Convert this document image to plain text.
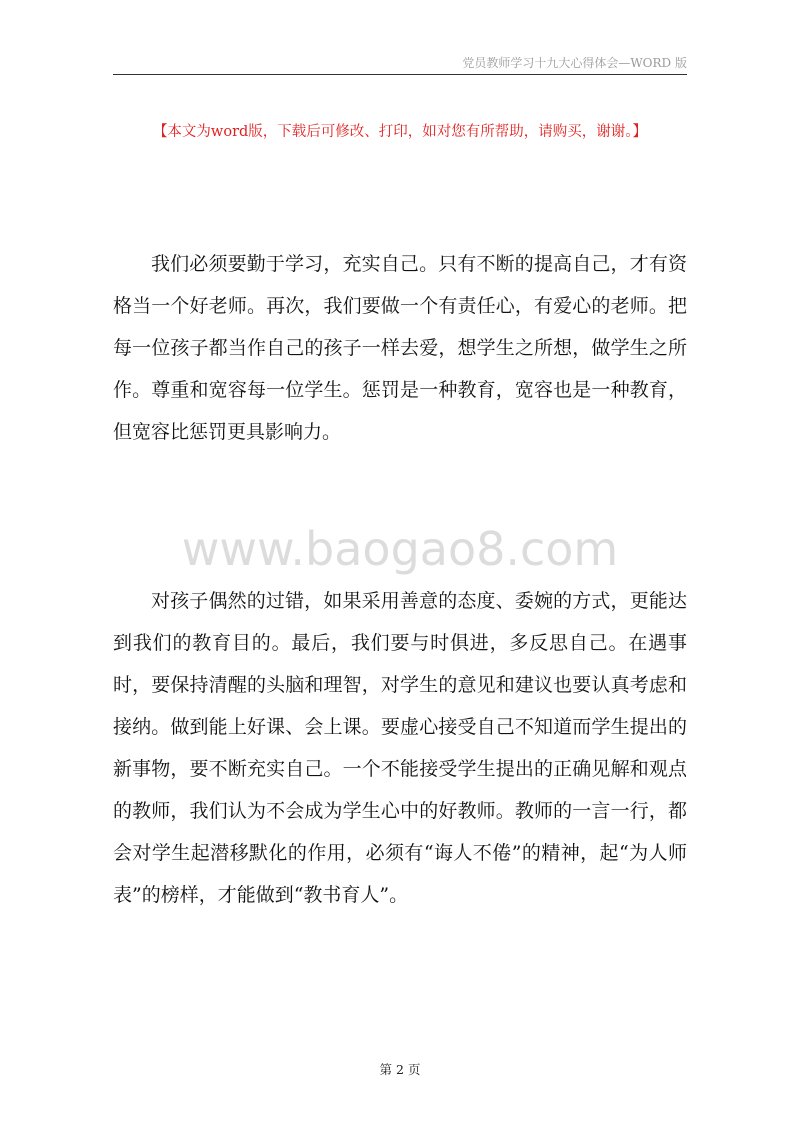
党员教师学习十九大心得体会—WORD 版
【本文为word版，下载后可修改、打印，如对您有所帮助，请购买，谢谢。】

我们必须要勤于学习，充实自己。只有不断的提高自己，才有资格当一个好老师。再次，我们要做一个有责任心，有爱心的老师。把每一位孩子都当作自己的孩子一样去爱，想学生之所想，做学生之所作。尊重和宽容每一位学生。惩罚是一种教育，宽容也是一种教育，但宽容比惩罚更具影响力。

www.baogao8.com

对孩子偶然的过错，如果采用善意的态度、委婉的方式，更能达到我们的教育目的。最后，我们要与时俱进，多反思自己。在遇事时，要保持清醒的头脑和理智，对学生的意见和建议也要认真考虑和接纳。做到能上好课、会上课。要虚心接受自己不知道而学生提出的新事物，要不断充实自己。一个不能接受学生提出的正确见解和观点的教师，我们认为不会成为学生心中的好教师。教师的一言一行，都会对学生起潜移默化的作用，必须有“诲人不倦”的精神，起“为人师表”的榜样，才能做到“教书育人”。

第 2 页
